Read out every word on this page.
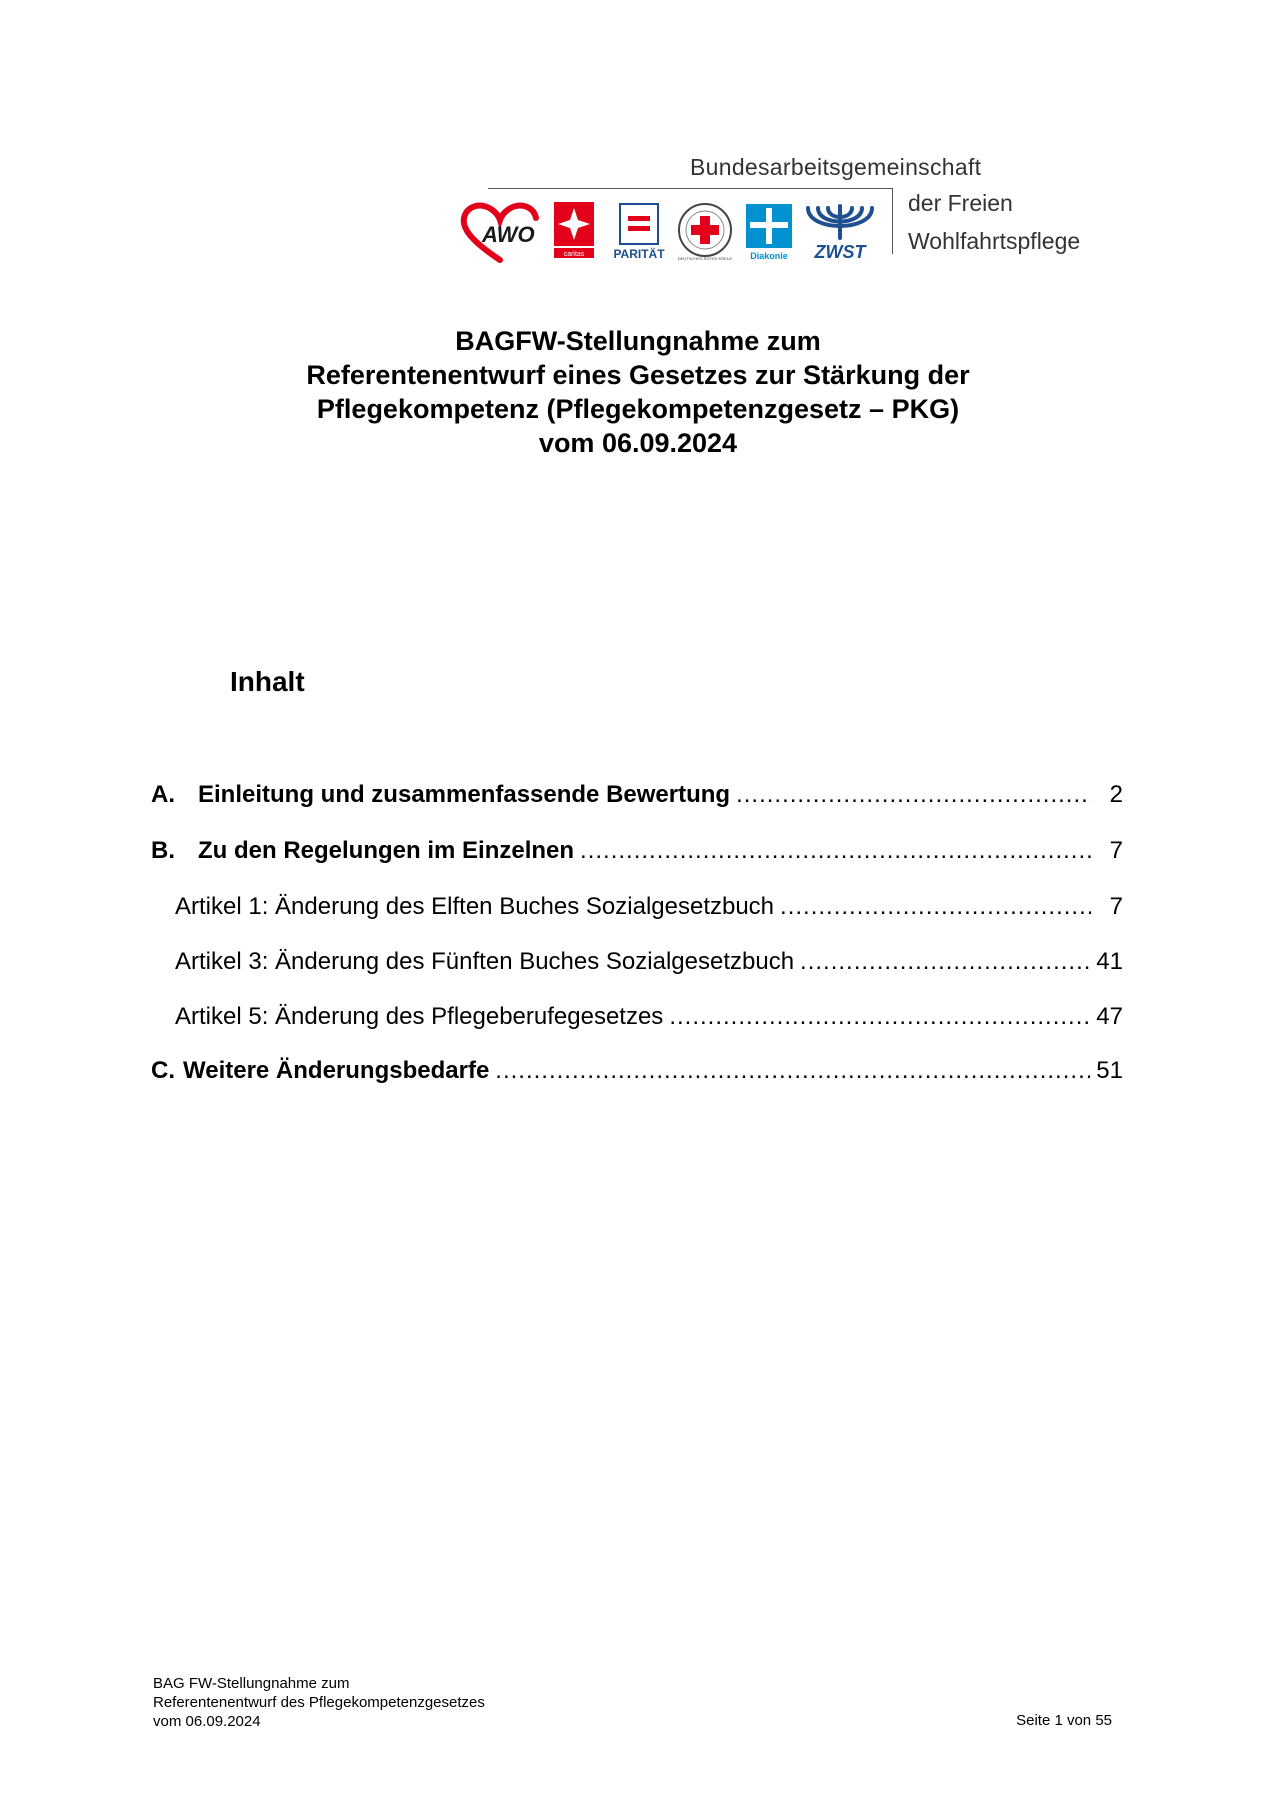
Bundesarbeitsgemeinschaft
der Freien
Wohlfahrtspflege
AWO
caritas PARITÄT	DEUTSCHES ROTES KREUZ Diakonie ZWST
BAGFW-Stellungnahme zum
Referentenentwurf eines Gesetzes zur Stärkung der
Pflegekompetenz (Pflegekompetenzgesetz – PKG)
vom 06.09.2024
Inhalt
A. Einleitung und zusammenfassende Bewertung .....	2
B. Zu den Regelungen im Einzelnen .....	7
Artikel 1: Änderung des Elften Buches Sozialgesetzbuch .....	7
Artikel 3: Änderung des Fünften Buches Sozialgesetzbuch .....	41
Artikel 5: Änderung des Pflegeberufegesetzes .....	47
C. Weitere Änderungsbedarfe .....	51
BAG FW-Stellungnahme zum
Referentenentwurf des Pflegekompetenzgesetzes
vom 06.09.2024	Seite 1 von 55
